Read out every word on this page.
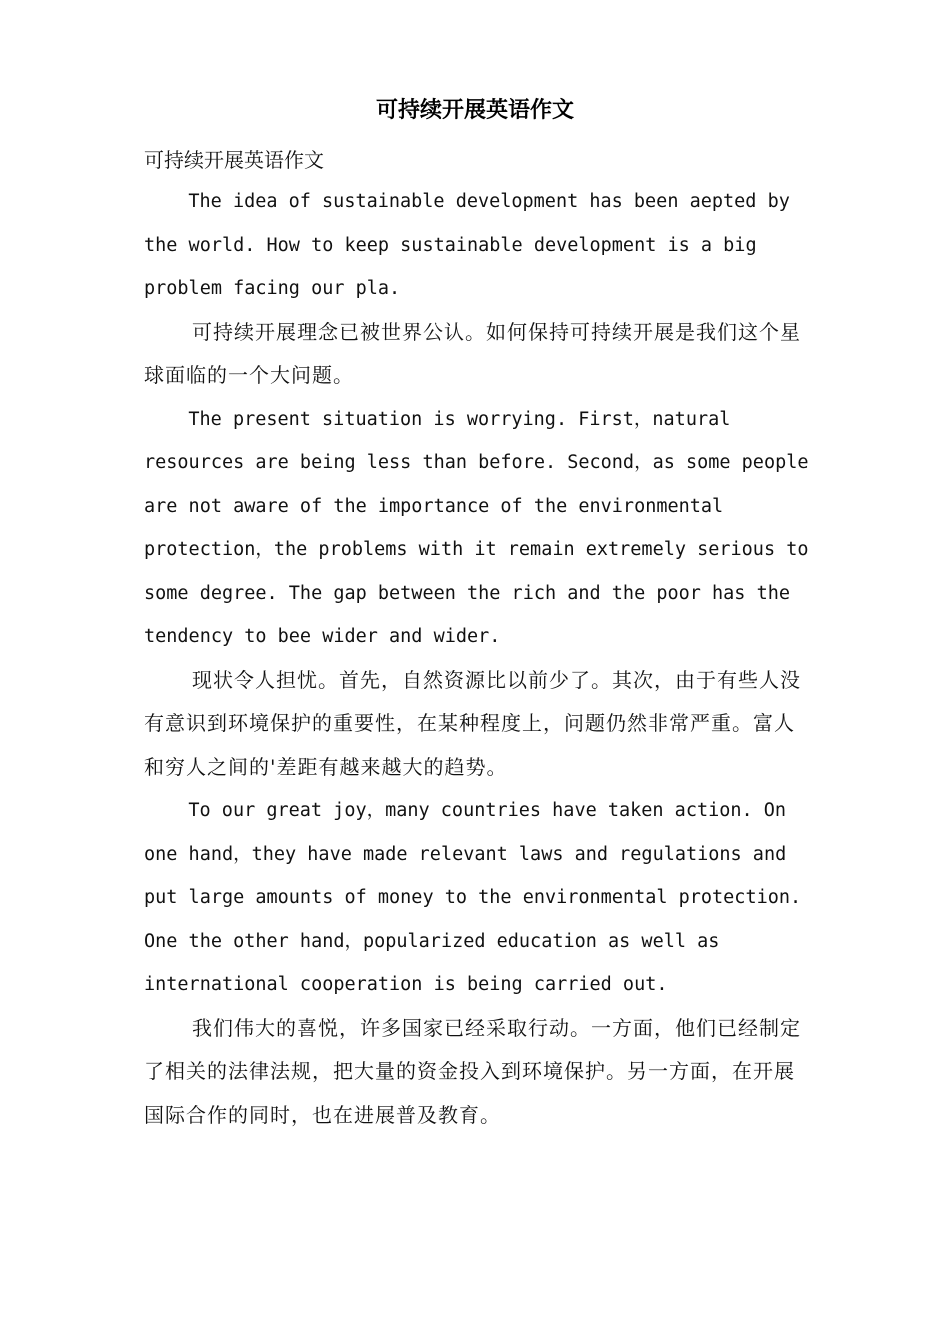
可持续开展英语作文

可持续开展英语作文

The idea of sustainable development has been aepted by the world. How to keep sustainable development is a big problem facing our pla.

可持续开展理念已被世界公认。如何保持可持续开展是我们这个星球面临的一个大问题。

The present situation is worrying. First，natural resources are being less than before. Second，as some people are not aware of the importance of the environmental protection，the problems with it remain extremely serious to some degree. The gap between the rich and the poor has the tendency to bee wider and wider.

现状令人担忧。首先，自然资源比以前少了。其次，由于有些人没有意识到环境保护的重要性，在某种程度上，问题仍然非常严重。富人和穷人之间的'差距有越来越大的趋势。

To our great joy，many countries have taken action. On one hand，they have made relevant laws and regulations and put large amounts of money to the environmental protection. One the other hand，popularized education as well as international cooperation is being carried out.

我们伟大的喜悦，许多国家已经采取行动。一方面，他们已经制定了相关的法律法规，把大量的资金投入到环境保护。另一方面，在开展国际合作的同时，也在进展普及教育。
